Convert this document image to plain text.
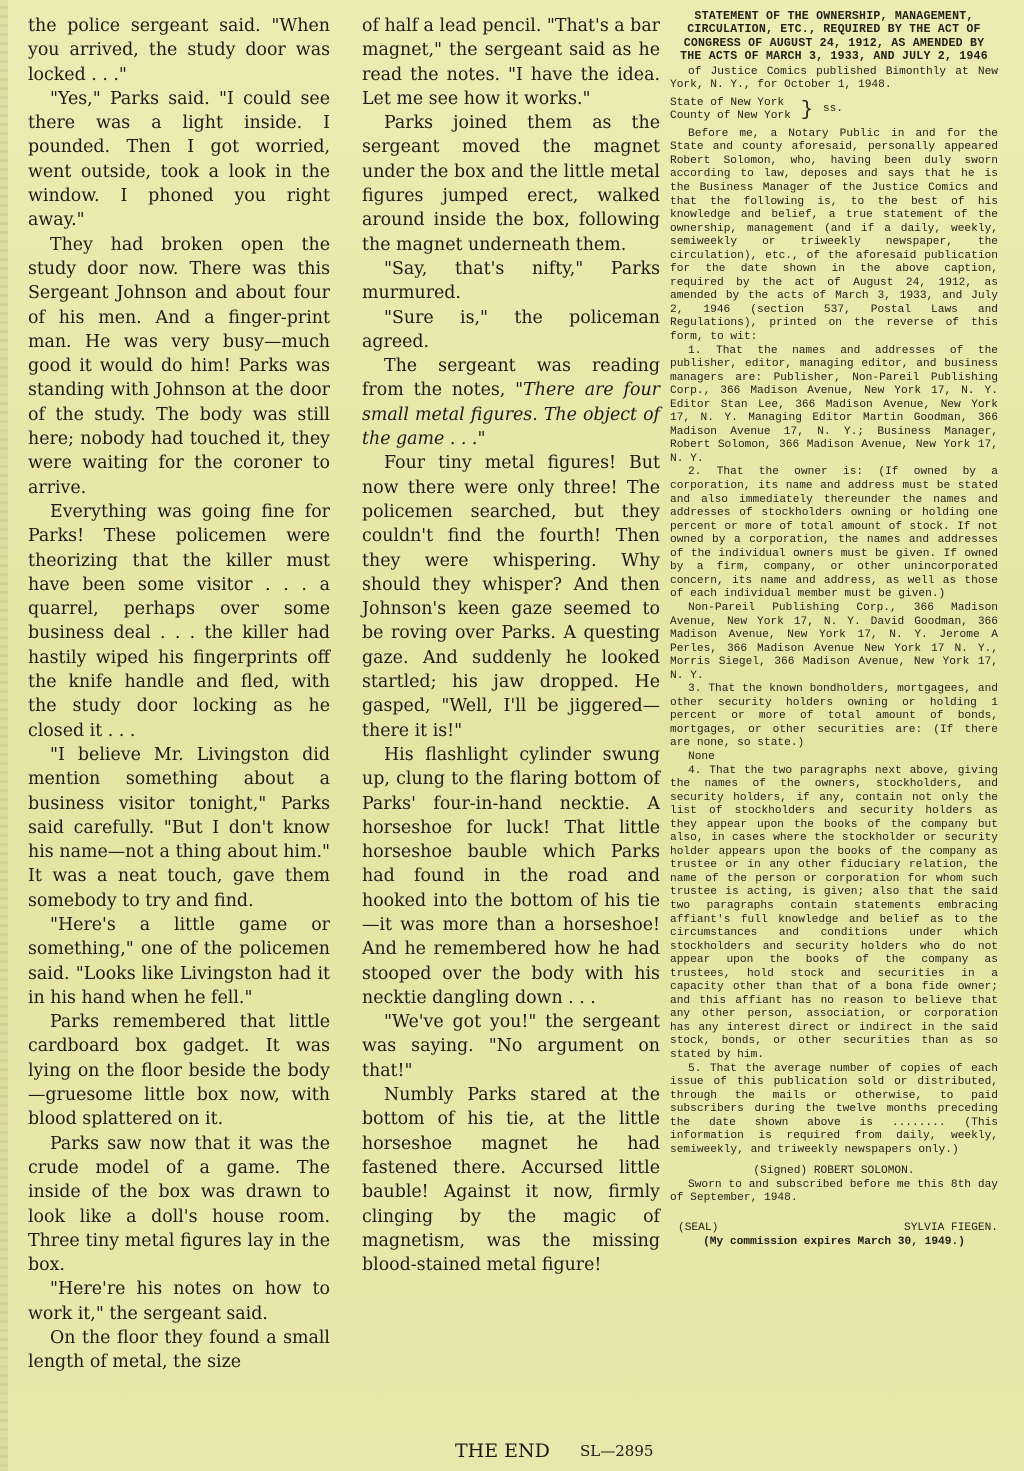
the police sergeant said. "When you arrived, the study door was locked . . ."

"Yes," Parks said. "I could see there was a light inside. I pounded. Then I got worried, went outside, took a look in the window. I phoned you right away."

They had broken open the study door now. There was this Sergeant Johnson and about four of his men. And a finger-print man. He was very busy—much good it would do him! Parks was standing with Johnson at the door of the study. The body was still here; nobody had touched it, they were waiting for the coroner to arrive.

Everything was going fine for Parks! These policemen were theorizing that the killer must have been some visitor . . . a quarrel, perhaps over some business deal . . . the killer had hastily wiped his fingerprints off the knife handle and fled, with the study door locking as he closed it . . .

"I believe Mr. Livingston did mention something about a business visitor tonight," Parks said carefully. "But I don't know his name—not a thing about him." It was a neat touch, gave them somebody to try and find.

"Here's a little game or something," one of the policemen said. "Looks like Livingston had it in his hand when he fell."

Parks remembered that little cardboard box gadget. It was lying on the floor beside the body—gruesome little box now, with blood splattered on it.

Parks saw now that it was the crude model of a game. The inside of the box was drawn to look like a doll's house room. Three tiny metal figures lay in the box.

"Here're his notes on how to work it," the sergeant said.

On the floor they found a small length of metal, the size

of half a lead pencil. "That's a bar magnet," the sergeant said as he read the notes. "I have the idea. Let me see how it works."

Parks joined them as the sergeant moved the magnet under the box and the little metal figures jumped erect, walked around inside the box, following the magnet underneath them.

"Say, that's nifty," Parks murmured.

"Sure is," the policeman agreed.

The sergeant was reading from the notes, "There are four small metal figures. The object of the game . . ."

Four tiny metal figures! But now there were only three! The policemen searched, but they couldn't find the fourth! Then they were whispering. Why should they whisper? And then Johnson's keen gaze seemed to be roving over Parks. A questing gaze. And suddenly he looked startled; his jaw dropped. He gasped, "Well, I'll be jiggered—there it is!"

His flashlight cylinder swung up, clung to the flaring bottom of Parks' four-in-hand necktie. A horseshoe for luck! That little horseshoe bauble which Parks had found in the road and hooked into the bottom of his tie—it was more than a horseshoe! And he remembered how he had stooped over the body with his necktie dangling down . . .

"We've got you!" the sergeant was saying. "No argument on that!"

Numbly Parks stared at the bottom of his tie, at the little horseshoe magnet he had fastened there. Accursed little bauble! Against it now, firmly clinging by the magic of magnetism, was the missing blood-stained metal figure!

THE END SL—2895
STATEMENT OF THE OWNERSHIP, MANAGEMENT, CIRCULATION, ETC., REQUIRED BY THE ACT OF CONGRESS OF AUGUST 24, 1912, AS AMENDED BY THE ACTS OF MARCH 3, 1933, AND JULY 2, 1946

of Justice Comics published Bimonthly at New York, N. Y., for October 1, 1948.

State of New York
County of New York } ss.

Before me, a Notary Public in and for the State and county aforesaid, personally appeared Robert Solomon, who, having been duly sworn according to law, deposes and says that he is the Business Manager of the Justice Comics and that the following is, to the best of his knowledge and belief, a true statement of the ownership, management (and if a daily, weekly, semiweekly or triweekly newspaper, the circulation), etc., of the aforesaid publication for the date shown in the above caption, required by the act of August 24, 1912, as amended by the acts of March 3, 1933, and July 2, 1946 (section 537, Postal Laws and Regulations), printed on the reverse of this form, to wit:

1. That the names and addresses of the publisher, editor, managing editor, and business managers are: Publisher, Non-Pareil Publishing Corp., 366 Madison Avenue, New York 17, N. Y. Editor Stan Lee, 366 Madison Avenue, New York 17, N. Y. Managing Editor Martin Goodman, 366 Madison Avenue 17, N. Y.; Business Manager, Robert Solomon, 366 Madison Avenue, New York 17, N. Y.

2. That the owner is: (If owned by a corporation, its name and address must be stated and also immediately thereunder the names and addresses of stockholders owning or holding one percent or more of total amount of stock. If not owned by a corporation, the names and addresses of the individual owners must be given. If owned by a firm, company, or other unincorporated concern, its name and address, as well as those of each individual member must be given.)

Non-Pareil Publishing Corp., 366 Madison Avenue, New York 17, N. Y. David Goodman, 366 Madison Avenue, New York 17, N. Y. Jerome A Perles, 366 Madison Avenue New York 17 N. Y., Morris Siegel, 366 Madison Avenue, New York 17, N. Y.

3. That the known bondholders, mortgagees, and other security holders owning or holding 1 percent or more of total amount of bonds, mortgages, or other securities are: (If there are none, so state.)

None

4. That the two paragraphs next above, giving the names of the owners, stockholders, and security holders, if any, contain not only the list of stockholders and security holders as they appear upon the books of the company but also, in cases where the stockholder or security holder appears upon the books of the company as trustee or in any other fiduciary relation, the name of the person or corporation for whom such trustee is acting, is given; also that the said two paragraphs contain statements embracing affiant's full knowledge and belief as to the circumstances and conditions under which stockholders and security holders who do not appear upon the books of the company as trustees, hold stock and securities in a capacity other than that of a bona fide owner; and this affiant has no reason to believe that any other person, association, or corporation has any interest direct or indirect in the said stock, bonds, or other securities than as so stated by him.

5. That the average number of copies of each issue of this publication sold or distributed, through the mails or otherwise, to paid subscribers during the twelve months preceding the date shown above is ........ (This information is required from daily, weekly, semiweekly, and triweekly newspapers only.)

(Signed) ROBERT SOLOMON.

Sworn to and subscribed before me this 8th day of September, 1948.

(SEAL)	SYLVIA FIEGEN.
(My commission expires March 30, 1949.)
